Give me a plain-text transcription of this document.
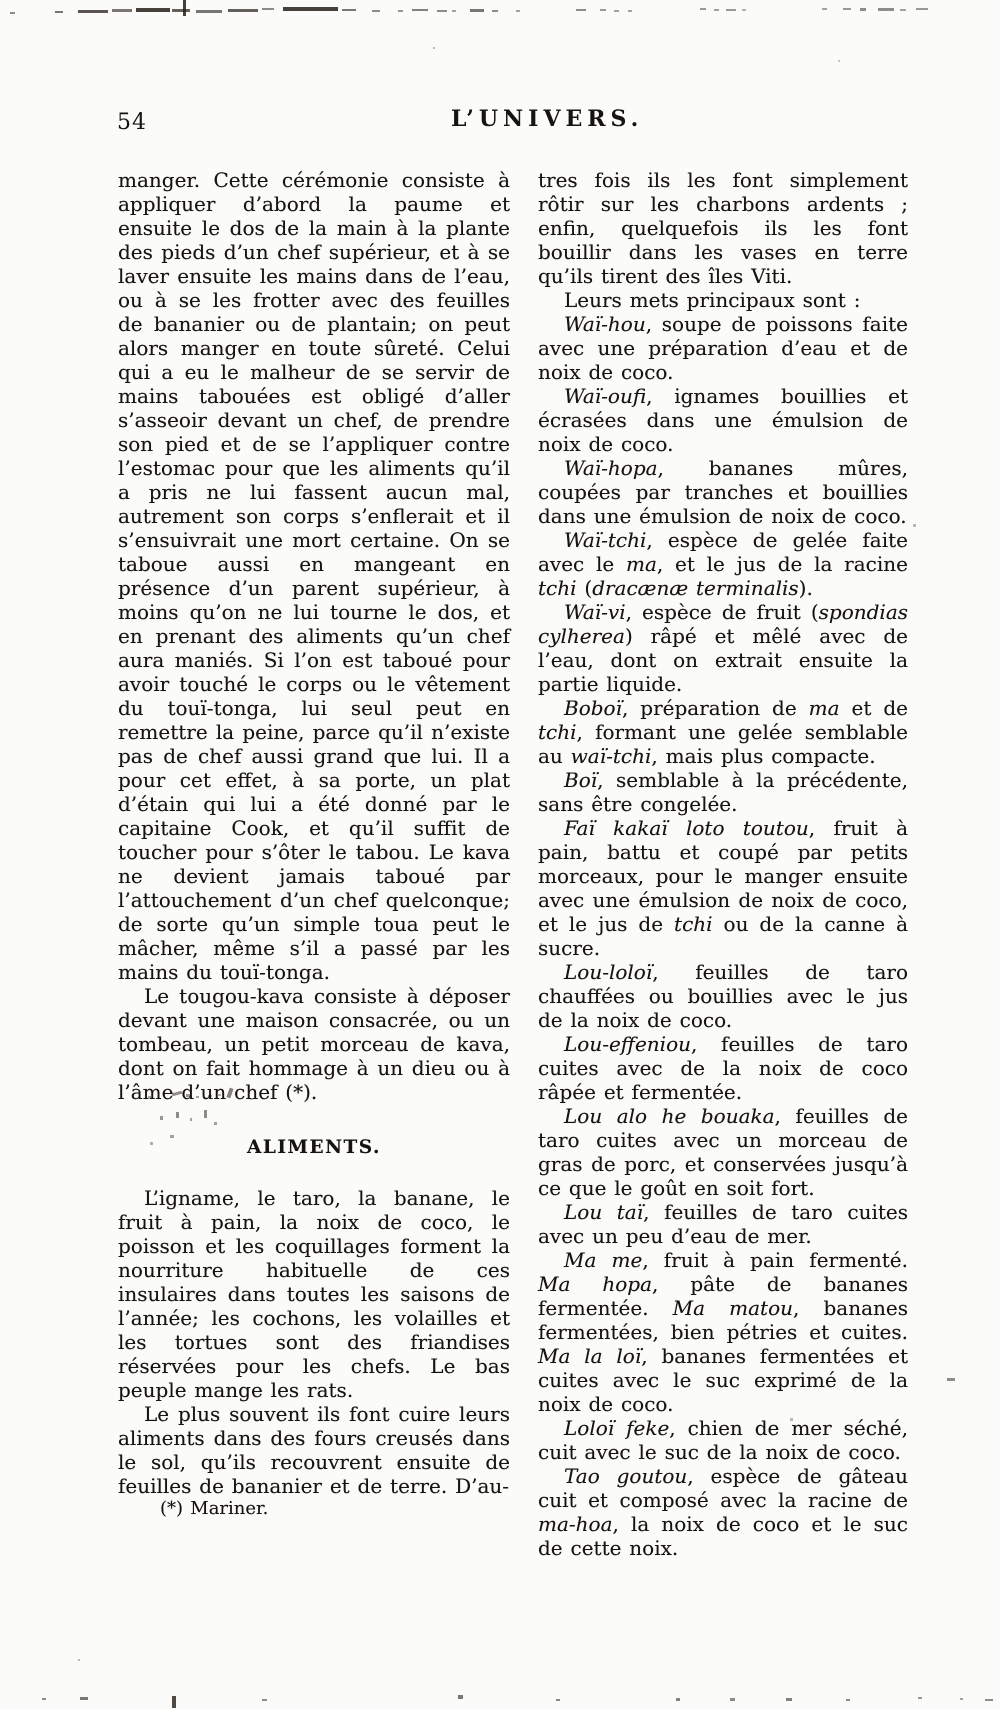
54	L’UNIVERS.

manger. Cette cérémonie consiste à appliquer d’abord la paume et ensuite le dos de la main à la plante des pieds d’un chef supérieur, et à se laver ensuite les mains dans de l’eau, ou à se les frotter avec des feuilles de bananier ou de plantain; on peut alors manger en toute sûreté. Celui qui a eu le malheur de se servir de mains tabouées est obligé d’aller s’asseoir devant un chef, de prendre son pied et de se l’appliquer contre l’estomac pour que les aliments qu’il a pris ne lui fassent aucun mal, autrement son corps s’enflerait et il s’ensuivrait une mort certaine. On se taboue aussi en mangeant en présence d’un parent supérieur, à moins qu’on ne lui tourne le dos, et en prenant des aliments qu’un chef aura maniés. Si l’on est taboué pour avoir touché le corps ou le vêtement du touï-tonga, lui seul peut en remettre la peine, parce qu’il n’existe pas de chef aussi grand que lui. Il a pour cet effet, à sa porte, un plat d’étain qui lui a été donné par le capitaine Cook, et qu’il suffit de toucher pour s’ôter le tabou. Le kava ne devient jamais taboué par l’attouchement d’un chef quelconque; de sorte qu’un simple toua peut le mâcher, même s’il a passé par les mains du touï-tonga.

Le tougou-kava consiste à déposer devant une maison consacrée, ou un tombeau, un petit morceau de kava, dont on fait hommage à un dieu ou à l’âme d’un chef (*).

ALIMENTS.

L’igname, le taro, la banane, le fruit à pain, la noix de coco, le poisson et les coquillages forment la nourriture habituelle de ces insulaires dans toutes les saisons de l’année; les cochons, les volailles et les tortues sont des friandises réservées pour les chefs. Le bas peuple mange les rats.

Le plus souvent ils font cuire leurs aliments dans des fours creusés dans le sol, qu’ils recouvrent ensuite de feuilles de bananier et de terre. D’au-

(*) Mariner.

tres fois ils les font simplement rôtir sur les charbons ardents ; enfin, quelquefois ils les font bouillir dans les vases en terre qu’ils tirent des îles Viti.

Leurs mets principaux sont :

Waï-hou, soupe de poissons faite avec une préparation d’eau et de noix de coco.

Waï-oufi, ignames bouillies et écrasées dans une émulsion de noix de coco.

Waï-hopa, bananes mûres, coupées par tranches et bouillies dans une émulsion de noix de coco.

Waï-tchi, espèce de gelée faite avec le ma, et le jus de la racine tchi (dracænæ terminalis).

Waï-vi, espèce de fruit (spondias cylherea) râpé et mêlé avec de l’eau, dont on extrait ensuite la partie liquide.

Boboï, préparation de ma et de tchi, formant une gelée semblable au waï-tchi, mais plus compacte.

Boï, semblable à la précédente, sans être congelée.

Faï kakaï loto toutou, fruit à pain, battu et coupé par petits morceaux, pour le manger ensuite avec une émulsion de noix de coco, et le jus de tchi ou de la canne à sucre.

Lou-loloï, feuilles de taro chauffées ou bouillies avec le jus de la noix de coco.

Lou-effeniou, feuilles de taro cuites avec de la noix de coco râpée et fermentée.

Lou alo he bouaka, feuilles de taro cuites avec un morceau de gras de porc, et conservées jusqu’à ce que le goût en soit fort.

Lou taï, feuilles de taro cuites avec un peu d’eau de mer.

Ma me, fruit à pain fermenté. Ma hopa, pâte de bananes fermentée. Ma matou, bananes fermentées, bien pétries et cuites. Ma la loï, bananes fermentées et cuites avec le suc exprimé de la noix de coco.

Loloï feke, chien de mer séché, cuit avec le suc de la noix de coco.

Tao goutou, espèce de gâteau cuit et composé avec la racine de ma-hoa, la noix de coco et le suc de cette noix.
